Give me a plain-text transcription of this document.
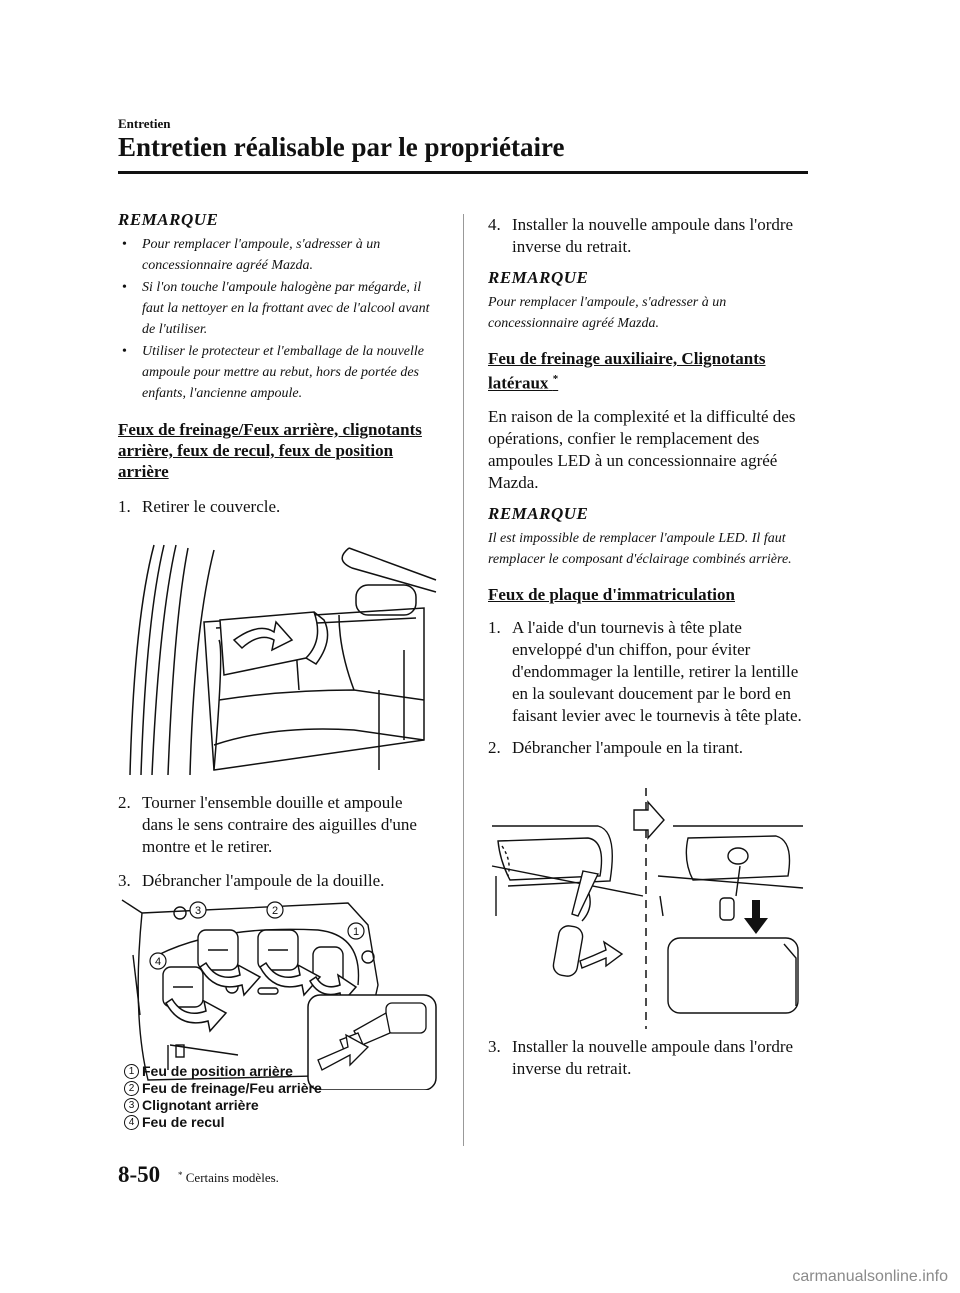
Entretien
Entretien réalisable par le propriétaire

REMARQUE

• Pour remplacer l'ampoule, s'adresser à un concessionnaire agréé Mazda.
• Si l'on touche l'ampoule halogène par mégarde, il faut la nettoyer en la frottant avec de l'alcool avant de l'utiliser.
• Utiliser le protecteur et l'emballage de la nouvelle ampoule pour mettre au rebut, hors de portée des enfants, l'ancienne ampoule.

Feux de freinage/Feux arrière, clignotants arrière, feux de recul, feux de position arrière

1. Retirer le couvercle.

2. Tourner l'ensemble douille et ampoule dans le sens contraire des aiguilles d'une montre et le retirer.

3. Débrancher l'ampoule de la douille.

3	2
1
4
1 Feu de position arrière
2 Feu de freinage/Feu arrière
3 Clignotant arrière
4 Feu de recul

4. Installer la nouvelle ampoule dans l'ordre inverse du retrait.

REMARQUE

Pour remplacer l'ampoule, s'adresser à un concessionnaire agréé Mazda.

Feu de freinage auxiliaire, Clignotants latéraux *

En raison de la complexité et la difficulté des opérations, confier le remplacement des ampoules LED à un concessionnaire agréé Mazda.

REMARQUE

Il est impossible de remplacer l'ampoule LED. Il faut remplacer le composant d'éclairage combinés arrière.

Feux de plaque d'immatriculation

1. A l'aide d'un tournevis à tête plate enveloppé d'un chiffon, pour éviter d'endommager la lentille, retirer la lentille en la soulevant doucement par le bord en faisant levier avec le tournevis à tête plate.

2. Débrancher l'ampoule en la tirant.

3. Installer la nouvelle ampoule dans l'ordre inverse du retrait.

8-50 * Certains modèles.
carmanualsonline.info
